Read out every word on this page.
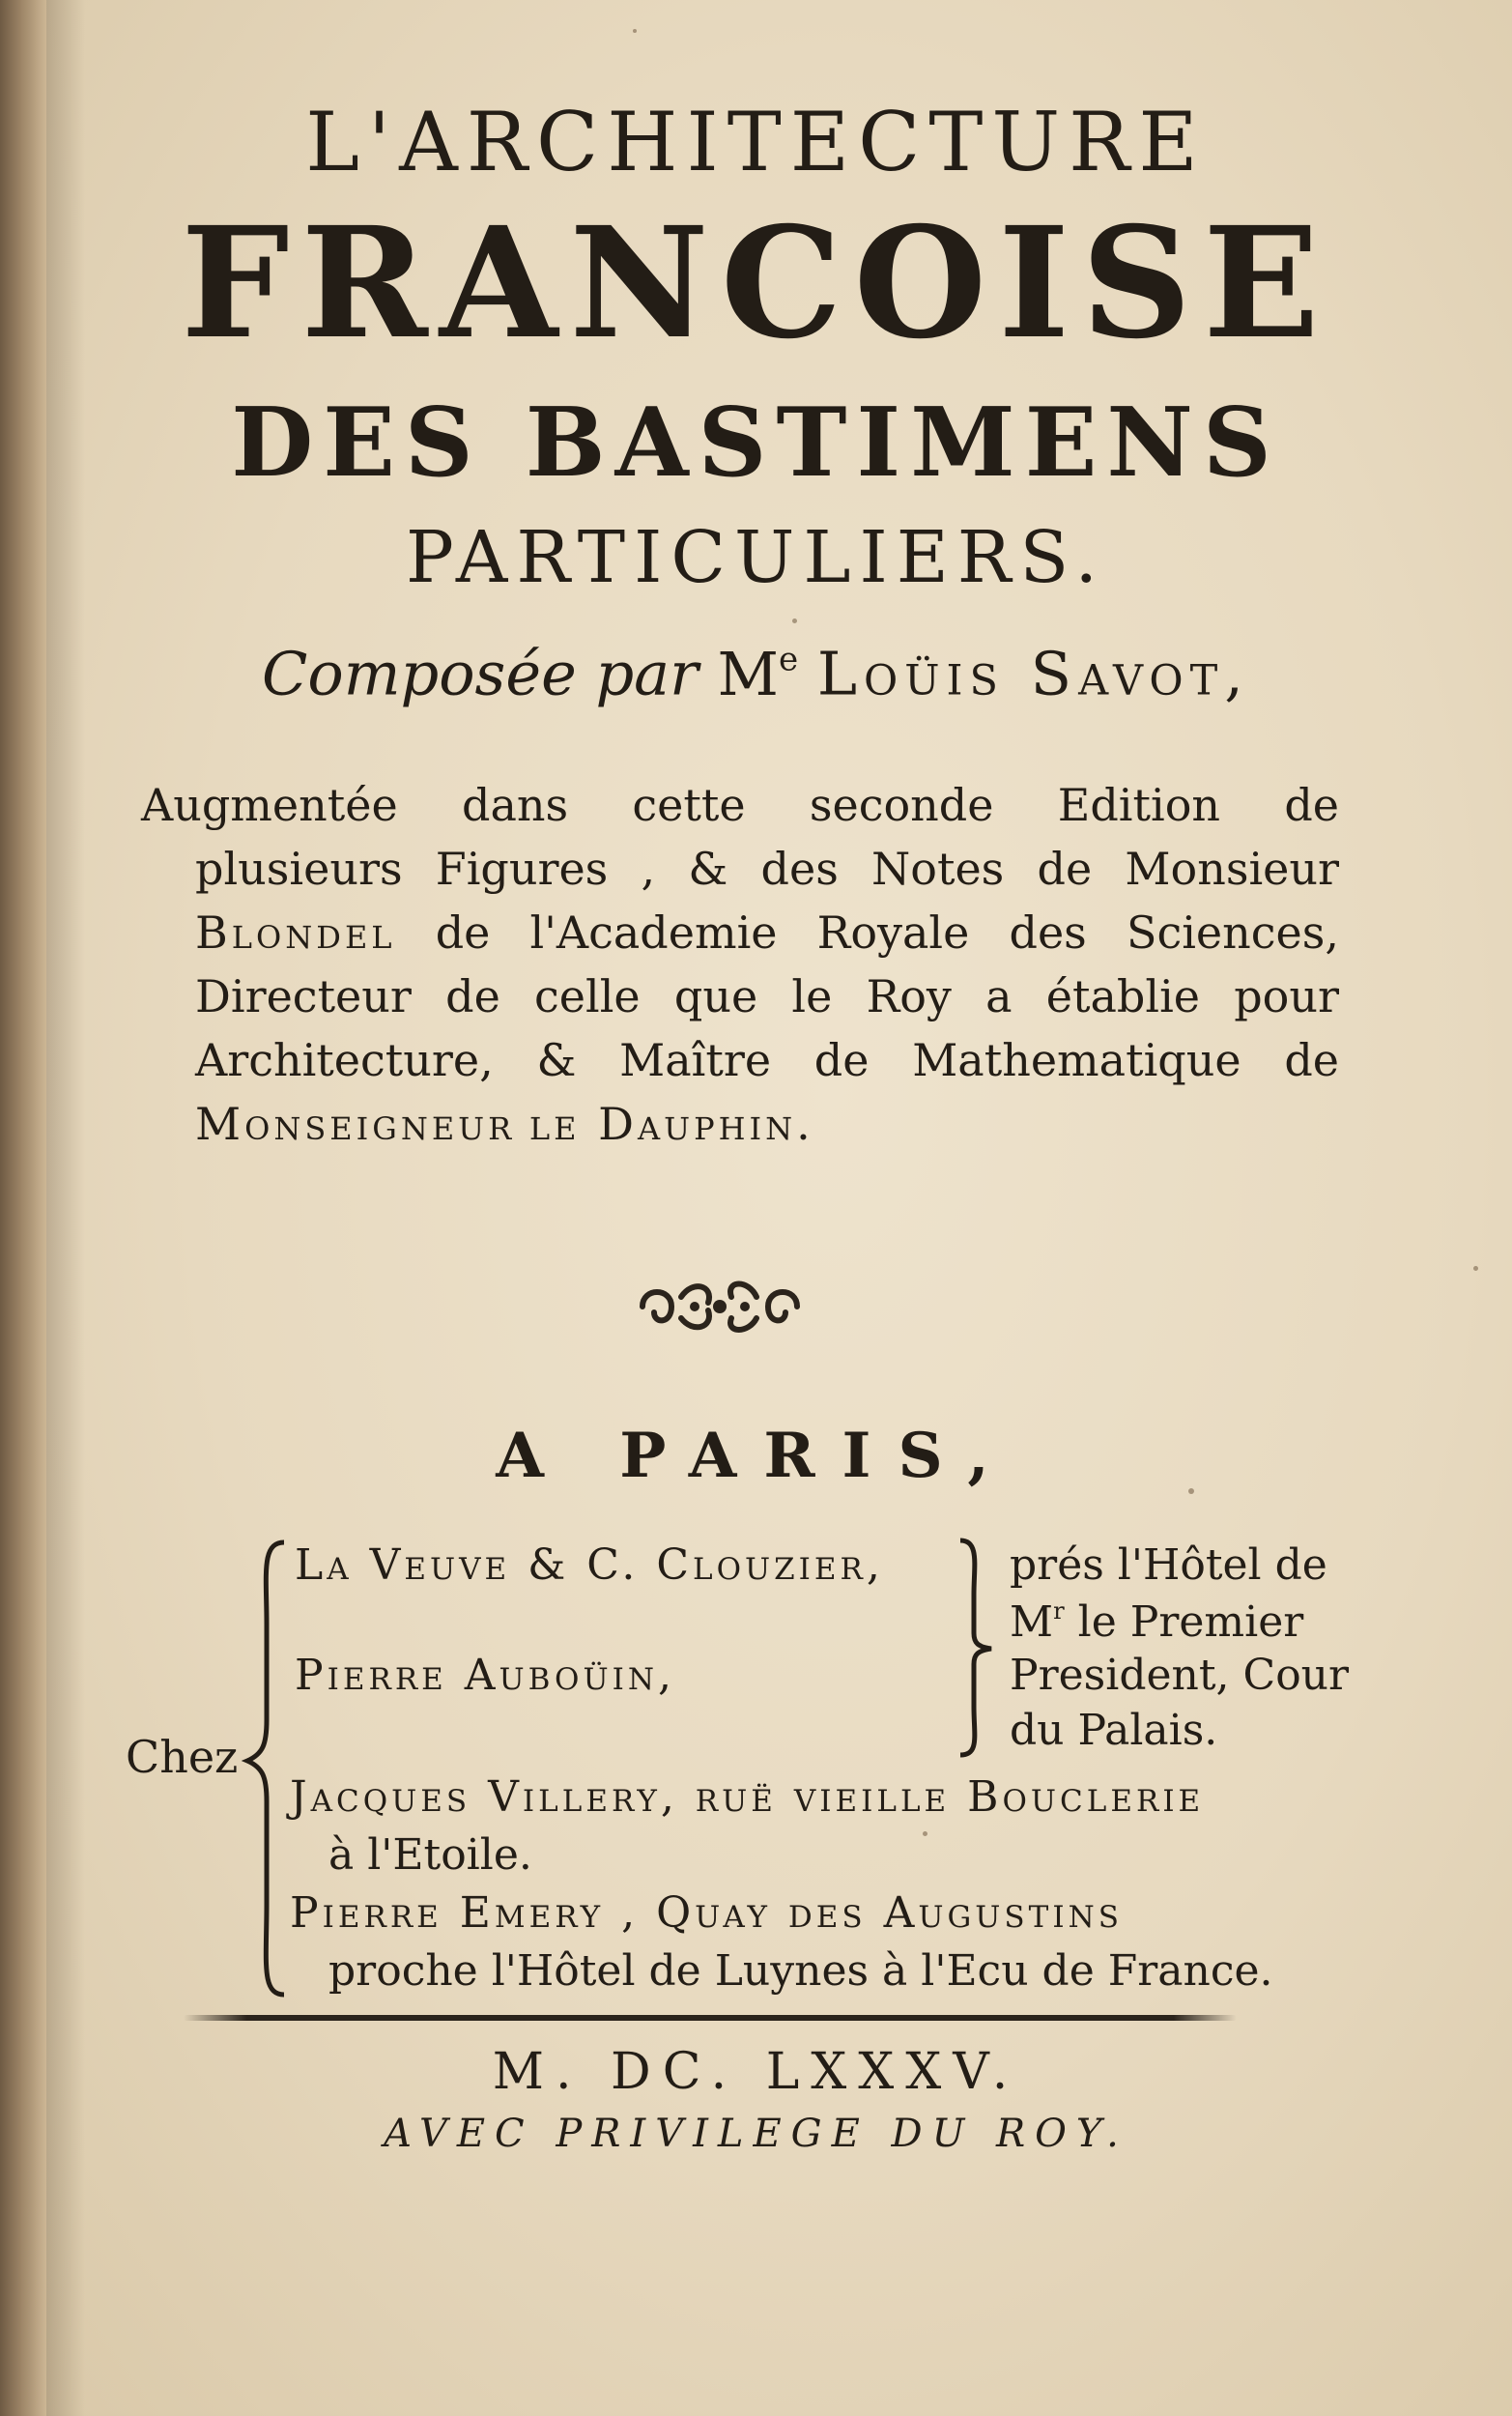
L'ARCHITECTURE
FRANCOISE
DES BASTIMENS
PARTICULIERS.
Composée par Me Loüis Savot,
Augmentée dans cette seconde Edition de
plusieurs Figures , & des Notes de Monsieur
Blondel de l'Academie Royale des Sciences,
Directeur de celle que le Roy a établie pour
Architecture, & Maître de Mathematique de
Monseigneur le Dauphin.
A PARIS,
Chez
La Veuve & C. Clouzier,
Pierre Auboüin,
prés l'Hôtel de
$M^r$ le Premier
President, Cour
du Palais.
Jacques Villery, ruë vieille Bouclerie
à l'Etoile.
Pierre Emery , Quay des Augustins
proche l'Hôtel de Luynes à l'Ecu de France.
M. DC. LXXXV.
AVEC PRIVILEGE DU ROY.
